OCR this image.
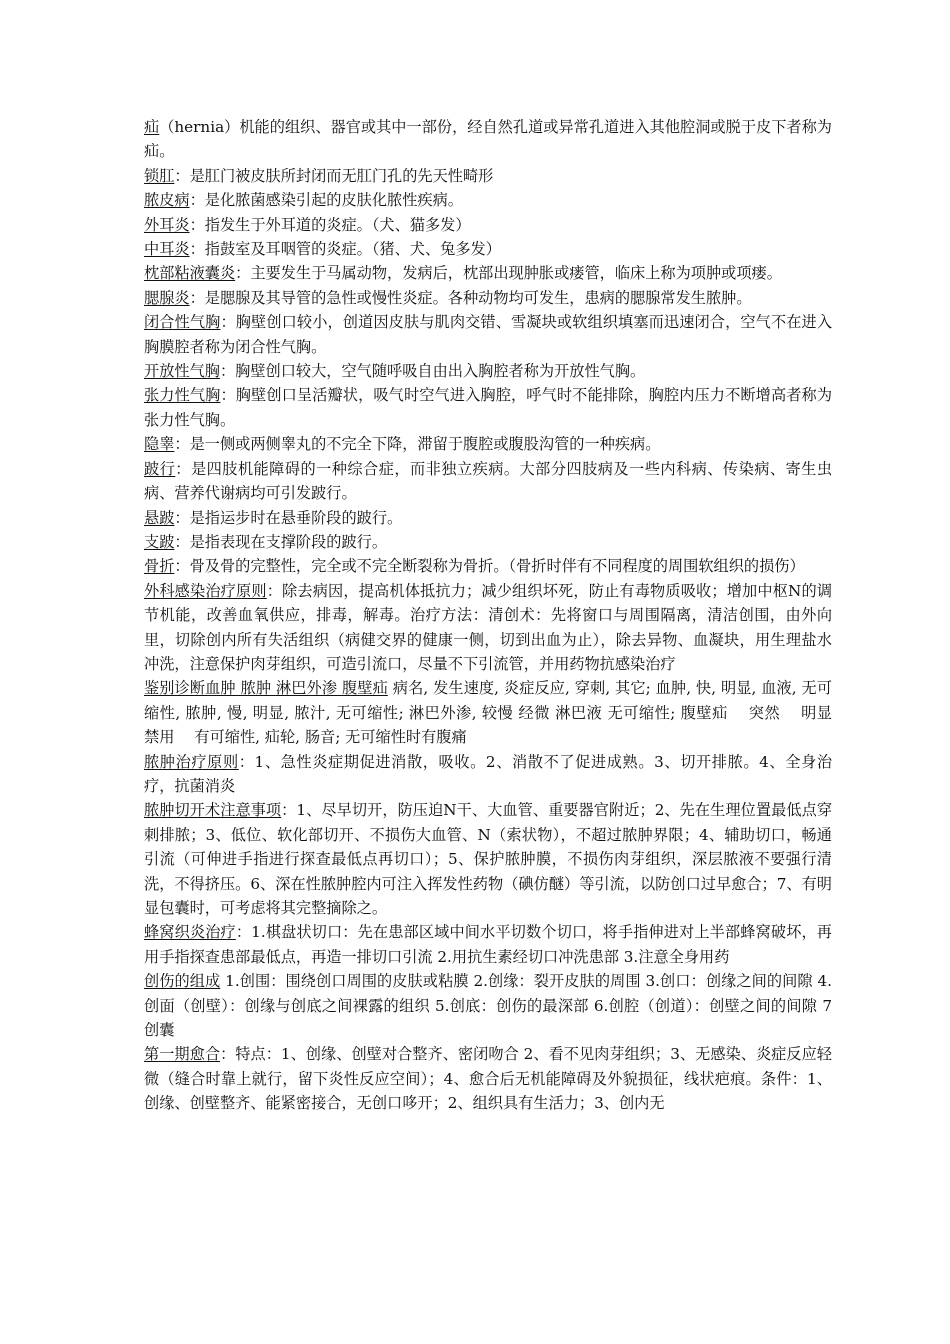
疝（hernia）机能的组织、器官或其中一部份，经自然孔道或异常孔道进入其他腔洞或脱于皮下者称为疝。

锁肛：是肛门被皮肤所封闭而无肛门孔的先天性畸形

脓皮病：是化脓菌感染引起的皮肤化脓性疾病。

外耳炎：指发生于外耳道的炎症。（犬、猫多发）

中耳炎：指鼓室及耳咽管的炎症。（猪、犬、兔多发）

枕部粘液囊炎：主要发生于马属动物，发病后，枕部出现肿胀或瘘管，临床上称为项肿或项瘘。

腮腺炎：是腮腺及其导管的急性或慢性炎症。各种动物均可发生，患病的腮腺常发生脓肿。

闭合性气胸：胸壁创口较小，创道因皮肤与肌肉交错、雪凝块或软组织填塞而迅速闭合，空气不在进入胸膜腔者称为闭合性气胸。

开放性气胸：胸壁创口较大，空气随呼吸自由出入胸腔者称为开放性气胸。

张力性气胸：胸壁创口呈活瓣状，吸气时空气进入胸腔，呼气时不能排除，胸腔内压力不断增高者称为张力性气胸。

隐睾：是一侧或两侧睾丸的不完全下降，滞留于腹腔或腹股沟管的一种疾病。

跛行：是四肢机能障碍的一种综合症，而非独立疾病。大部分四肢病及一些内科病、传染病、寄生虫病、营养代谢病均可引发跛行。

悬跛：是指运步时在悬垂阶段的跛行。

支跛：是指表现在支撑阶段的跛行。

骨折：骨及骨的完整性，完全或不完全断裂称为骨折。（骨折时伴有不同程度的周围软组织的损伤）

外科感染治疗原则：除去病因，提高机体抵抗力；减少组织坏死，防止有毒物质吸收；增加中枢N的调节机能，改善血氧供应，排毒，解毒。治疗方法：清创术：先将窗口与周围隔离，清洁创围，由外向里，切除创内所有失活组织（病健交界的健康一侧，切到出血为止），除去异物、血凝块，用生理盐水冲洗，注意保护肉芽组织，可造引流口，尽量不下引流管，并用药物抗感染治疗

鉴别诊断血肿 脓肿 淋巴外渗 腹壁疝 病名, 发生速度, 炎症反应, 穿刺, 其它; 血肿, 快, 明显, 血液, 无可缩性, 脓肿, 慢, 明显, 脓汁, 无可缩性; 淋巴外渗, 较慢 经微 淋巴液 无可缩性; 腹壁疝　 突然　 明显　 禁用　 有可缩性, 疝轮, 肠音; 无可缩性时有腹痛

脓肿治疗原则：1、急性炎症期促进消散，吸收。2、消散不了促进成熟。3、切开排脓。4、全身治疗，抗菌消炎

脓肿切开术注意事项：1、尽早切开，防压迫N干、大血管、重要器官附近；2、先在生理位置最低点穿刺排脓；3、低位、软化部切开、不损伤大血管、N（索状物），不超过脓肿界限；4、辅助切口，畅通引流（可伸进手指进行探查最低点再切口）；5、保护脓肿膜，不损伤肉芽组织，深层脓液不要强行清洗，不得挤压。6、深在性脓肿腔内可注入挥发性药物（碘仿醚）等引流，以防创口过早愈合；7、有明显包囊时，可考虑将其完整摘除之。

蜂窝织炎治疗：1.棋盘状切口：先在患部区域中间水平切数个切口，将手指伸进对上半部蜂窝破坏，再用手指探查患部最低点，再造一排切口引流 2.用抗生素经切口冲洗患部 3.注意全身用药

创伤的组成 1.创围：围绕创口周围的皮肤或粘膜 2.创缘：裂开皮肤的周围 3.创口：创缘之间的间隙 4.创面（创壁）：创缘与创底之间裸露的组织 5.创底：创伤的最深部 6.创腔（创道）：创壁之间的间隙 7 创囊

第一期愈合：特点：1、创缘、创壁对合整齐、密闭吻合 2、看不见肉芽组织；3、无感染、炎症反应轻微（缝合时靠上就行，留下炎性反应空间）；4、愈合后无机能障碍及外貌损征，线状疤痕。条件：1、创缘、创壁整齐、能紧密接合，无创口哆开；2、组织具有生活力；3、创内无
